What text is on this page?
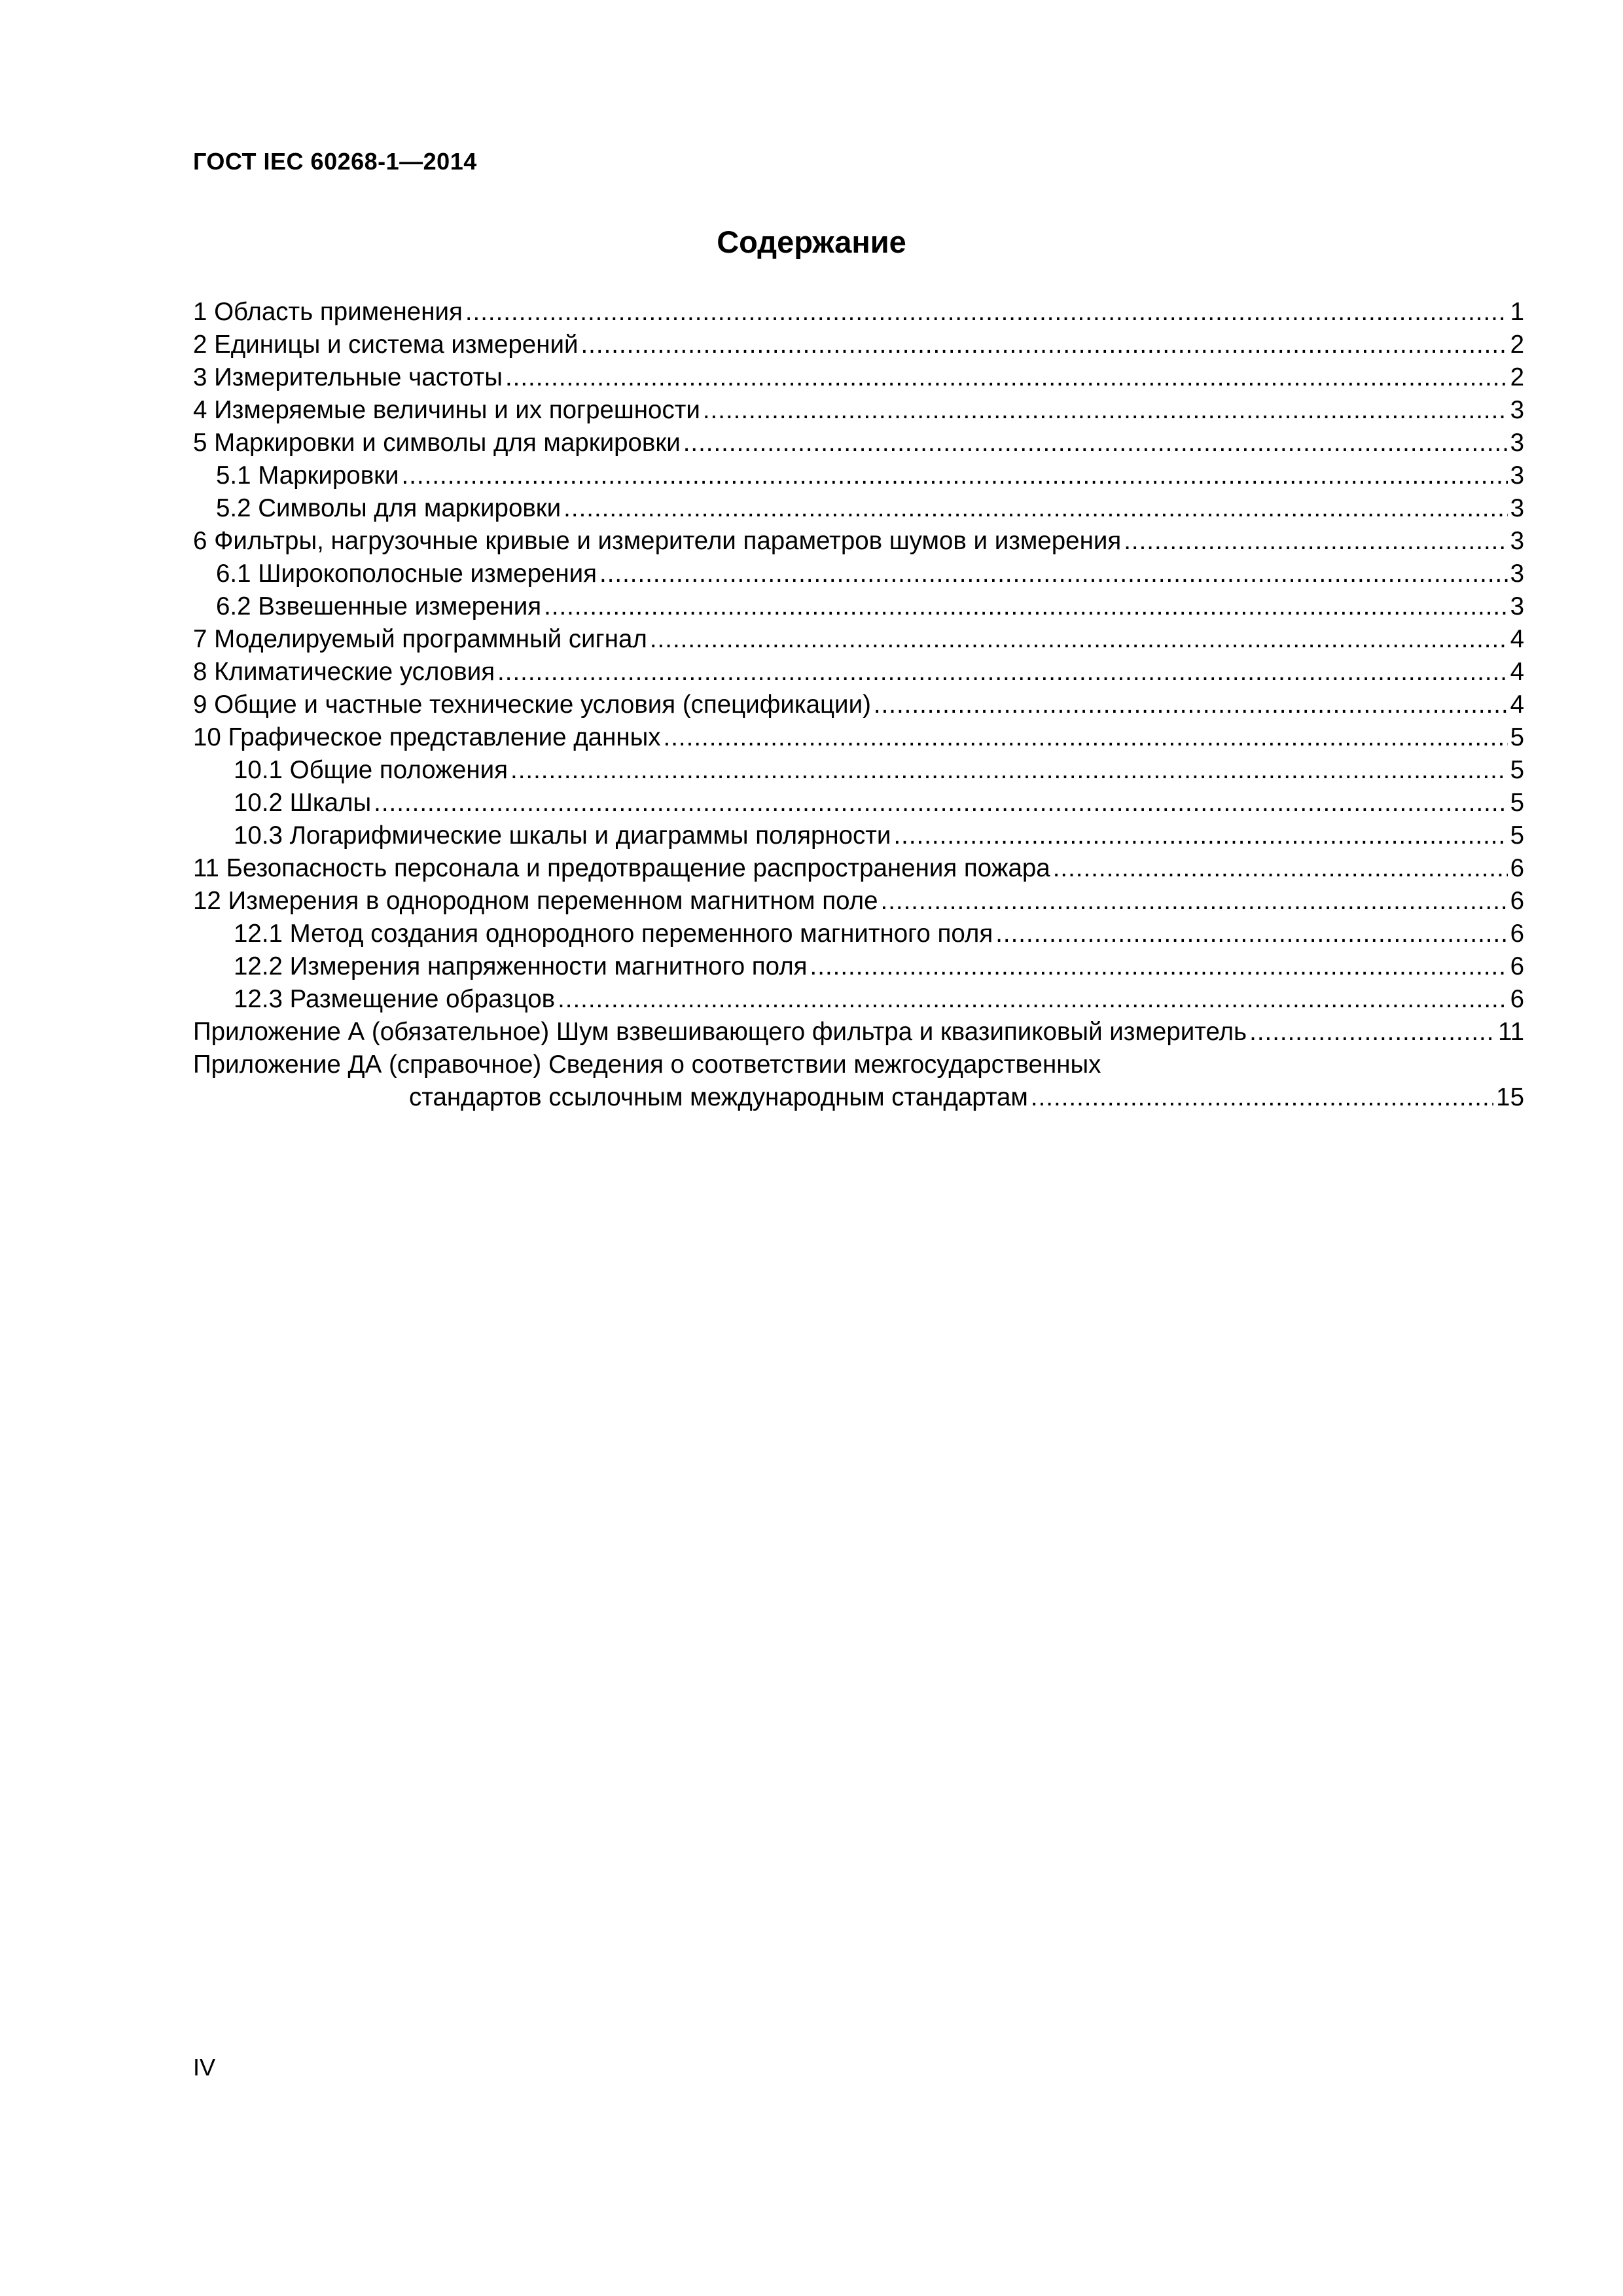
ГОСТ IEC 60268-1—2014
Содержание
1 Область применения .....	1
2 Единицы и система измерений .....	2
3 Измерительные частоты .....	2
4 Измеряемые величины и их погрешности .....	3
5 Маркировки и символы для маркировки .....	3
5.1 Маркировки .....	3
5.2 Символы для маркировки .....	3
6 Фильтры, нагрузочные кривые и измерители параметров шумов и измерения .....	3
6.1 Широкополосные измерения .....	3
6.2 Взвешенные измерения .....	3
7 Моделируемый программный сигнал .....	4
8 Климатические условия .....	4
9 Общие и частные технические условия (спецификации) .....	4
10 Графическое представление данных .....	5
10.1 Общие положения .....	5
10.2 Шкалы .....	5
10.3 Логарифмические шкалы и диаграммы полярности .....	5
11 Безопасность персонала и предотвращение распространения пожара .....	6
12 Измерения в однородном переменном магнитном поле .....	6
12.1 Метод создания однородного переменного магнитного поля .....	6
12.2 Измерения напряженности магнитного поля .....	6
12.3 Размещение образцов .....	6
Приложение А (обязательное) Шум взвешивающего фильтра и квазипиковый измеритель .....	11
Приложение ДА (справочное) Сведения о соответствии межгосударственных
стандартов ссылочным международным стандартам .....	15
IV
